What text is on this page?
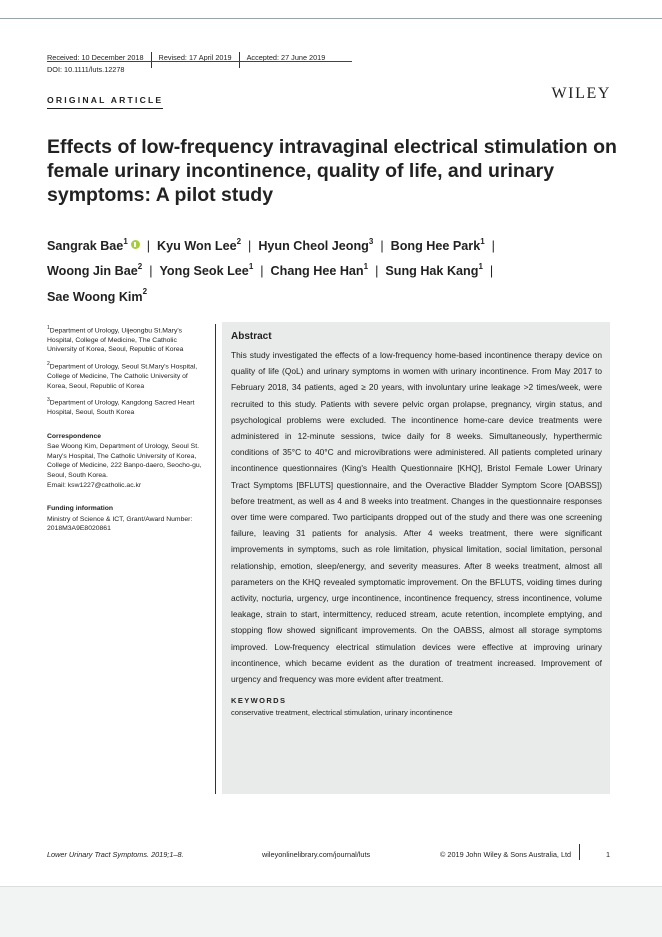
Received: 10 December 2018 Revised: 17 April 2019 Accepted: 27 June 2019
DOI: 10.1111/luts.12278
ORIGINAL ARTICLE	WILEY
Effects of low-frequency intravaginal electrical stimulation on female urinary incontinence, quality of life, and urinary symptoms: A pilot study
Sangrak Bae$^1$ | Kyu Won Lee$^2$ | Hyun Cheol Jeong$^3$ | Bong Hee Park$^1$ |
Woong Jin Bae$^2$ | Yong Seok Lee$^1$ | Chang Hee Han$^1$ | Sung Hak Kang$^1$ |
Sae Woong Kim$^2$

$^1$Department of Urology, Uijeongbu St.Mary's Hospital, College of Medicine, The Catholic University of Korea, Seoul, Republic of Korea

$^2$Department of Urology, Seoul St.Mary's Hospital, College of Medicine, The Catholic University of Korea, Seoul, Republic of Korea

$^3$Department of Urology, Kangdong Sacred Heart Hospital, Seoul, South Korea

Correspondence

Sae Woong Kim, Department of Urology, Seoul St. Mary's Hospital, The Catholic University of Korea, College of Medicine, 222 Banpo-daero, Seocho-gu, Seoul, South Korea.

Email: ksw1227@catholic.ac.kr

Funding information

Ministry of Science & ICT, Grant/Award Number: 2018M3A9E8020861

Abstract

This study investigated the effects of a low-frequency home-based incontinence therapy device on quality of life (QoL) and urinary symptoms in women with urinary incontinence. From May 2017 to February 2018, 34 patients, aged ≥ 20 years, with involuntary urine leakage >2 times/week, were recruited to this study. Patients with severe pelvic organ prolapse, pregnancy, virgin status, and psychological problems were excluded. The incontinence home-care device treatments were administered in 12-minute sessions, twice daily for 8 weeks. Simultaneously, hyperthermic conditions of 35°C to 40°C and microvibrations were administered. All patients completed urinary incontinence questionnaires (King's Health Questionnaire [KHQ], Bristol Female Lower Urinary Tract Symptoms [BFLUTS] questionnaire, and the Overactive Bladder Symptom Score [OABSS]) before treatment, as well as 4 and 8 weeks into treatment. Changes in the questionnaire responses over time were compared. Two participants dropped out of the study and there was one screening failure, leaving 31 patients for analysis. After 4 weeks treatment, there were significant improvements in symptoms, such as role limitation, physical limitation, social limitation, personal relationship, emotion, sleep/energy, and severity measures. After 8 weeks treatment, almost all parameters on the KHQ revealed symptomatic improvement. On the BFLUTS, voiding times during activity, nocturia, urgency, urge incontinence, incontinence frequency, stress incontinence, volume leakage, strain to start, intermittency, reduced stream, acute retention, incomplete emptying, and stopping flow showed significant improvements. On the OABSS, almost all storage symptoms improved. Low-frequency electrical stimulation devices were effective at improving urinary incontinence, which became evident as the duration of treatment increased. Improvement of urgency and frequency was more evident after treatment.

KEYWORDS
conservative treatment, electrical stimulation, urinary incontinence
Lower Urinary Tract Symptoms. 2019;1–8.	wileyonlinelibrary.com/journal/luts	© 2019 John Wiley & Sons Australia, Ltd	1
